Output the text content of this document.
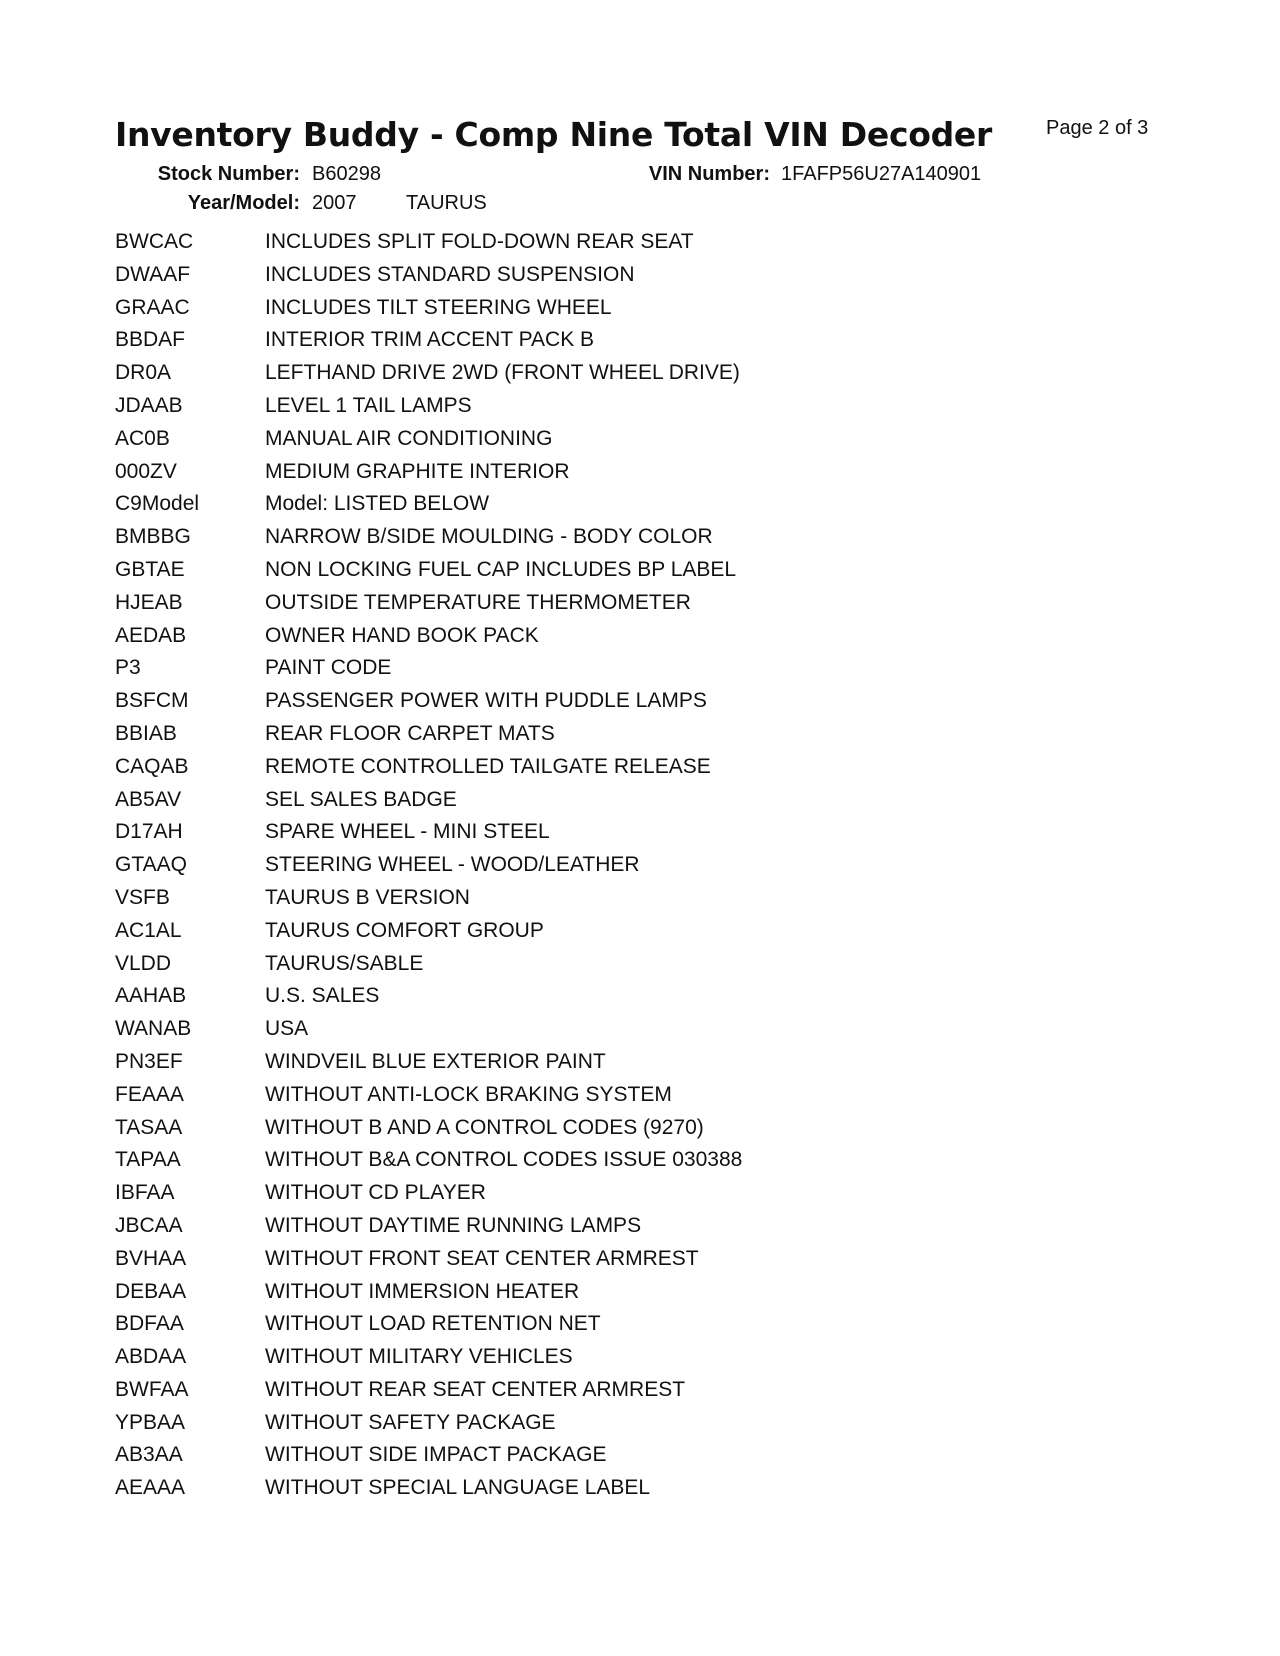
Inventory Buddy - Comp Nine Total VIN Decoder	Page 2 of 3
Stock Number: B60298	VIN Number: 1FAFP56U27A140901
Year/Model: 2007 TAURUS
BWCAC	INCLUDES SPLIT FOLD-DOWN REAR SEAT
DWAAF	INCLUDES STANDARD SUSPENSION
GRAAC	INCLUDES TILT STEERING WHEEL
BBDAF	INTERIOR TRIM ACCENT PACK B
DR0A	LEFTHAND DRIVE 2WD (FRONT WHEEL DRIVE)
JDAAB	LEVEL 1 TAIL LAMPS
AC0B	MANUAL AIR CONDITIONING
000ZV	MEDIUM GRAPHITE INTERIOR
C9Model	Model: LISTED BELOW
BMBBG	NARROW B/SIDE MOULDING - BODY COLOR
GBTAE	NON LOCKING FUEL CAP INCLUDES BP LABEL
HJEAB	OUTSIDE TEMPERATURE THERMOMETER
AEDAB	OWNER HAND BOOK PACK
P3	PAINT CODE
BSFCM	PASSENGER POWER WITH PUDDLE LAMPS
BBIAB	REAR FLOOR CARPET MATS
CAQAB	REMOTE CONTROLLED TAILGATE RELEASE
AB5AV	SEL SALES BADGE
D17AH	SPARE WHEEL - MINI STEEL
GTAAQ	STEERING WHEEL - WOOD/LEATHER
VSFB	TAURUS B VERSION
AC1AL	TAURUS COMFORT GROUP
VLDD	TAURUS/SABLE
AAHAB	U.S. SALES
WANAB	USA
PN3EF	WINDVEIL BLUE EXTERIOR PAINT
FEAAA	WITHOUT ANTI-LOCK BRAKING SYSTEM
TASAA	WITHOUT B AND A CONTROL CODES (9270)
TAPAA	WITHOUT B&A CONTROL CODES ISSUE 030388
IBFAA	WITHOUT CD PLAYER
JBCAA	WITHOUT DAYTIME RUNNING LAMPS
BVHAA	WITHOUT FRONT SEAT CENTER ARMREST
DEBAA	WITHOUT IMMERSION HEATER
BDFAA	WITHOUT LOAD RETENTION NET
ABDAA	WITHOUT MILITARY VEHICLES
BWFAA	WITHOUT REAR SEAT CENTER ARMREST
YPBAA	WITHOUT SAFETY PACKAGE
AB3AA	WITHOUT SIDE IMPACT PACKAGE
AEAAA	WITHOUT SPECIAL LANGUAGE LABEL
